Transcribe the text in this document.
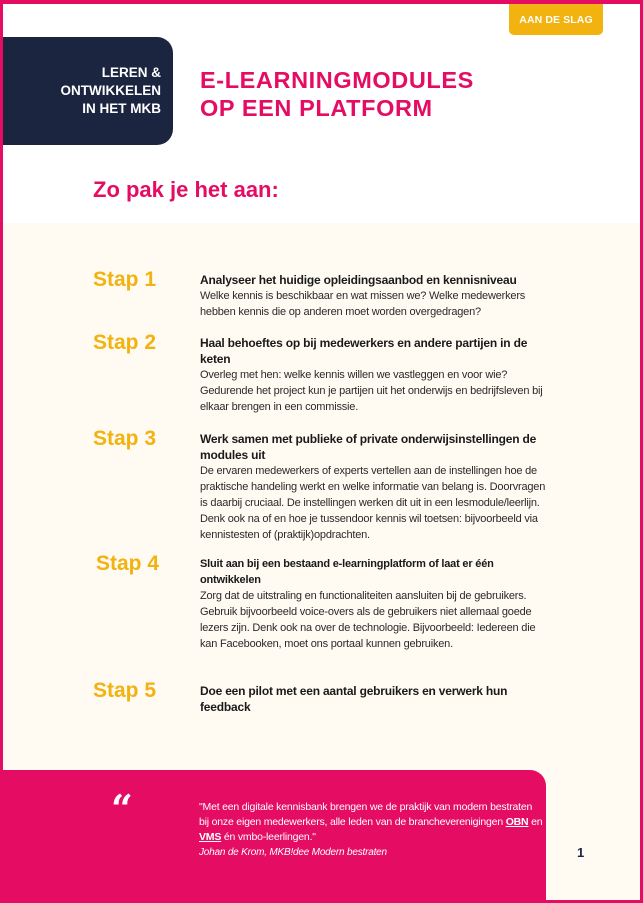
AAN DE SLAG
LEREN &
ONTWIKKELEN
IN HET MKB
E-LEARNINGMODULES
OP EEN PLATFORM
Zo pak je het aan:
Stap 1	Analyseer het huidige opleidingsaanbod en kennisniveau
Welke kennis is beschikbaar en wat missen we? Welke medewerkers hebben kennis die op anderen moet worden overgedragen?
Stap 2	Haal behoeftes op bij medewerkers en andere partijen in de keten
Overleg met hen: welke kennis willen we vastleggen en voor wie? Gedurende het project kun je partijen uit het onderwijs en bedrijfsleven bij elkaar brengen in een commissie.
Stap 3	Werk samen met publieke of private onderwijsinstellingen de modules uit
De ervaren medewerkers of experts vertellen aan de instellingen hoe de praktische handeling werkt en welke informatie van belang is. Doorvragen is daarbij cruciaal. De instellingen werken dit uit in een lesmodule/leerlijn. Denk ook na of en hoe je tussendoor kennis wil toetsen: bijvoorbeeld via kennistesten of (praktijk)opdrachten.
Stap 4	Sluit aan bij een bestaand e-learningplatform of laat er één ontwikkelen
Zorg dat de uitstraling en functionaliteiten aansluiten bij de gebruikers. Gebruik bijvoorbeeld voice-overs als de gebruikers niet allemaal goede lezers zijn. Denk ook na over de technologie. Bijvoorbeeld: Iedereen die kan Facebooken, moet ons portaal kunnen gebruiken.
Stap 5	Doe een pilot met een aantal gebruikers en verwerk hun feedback
“	"Met een digitale kennisbank brengen we de praktijk van modern bestraten bij onze eigen medewerkers, alle leden van de brancheverenigingen OBN en VMS én vmbo-leerlingen."
Johan de Krom, MKB!dee Modern bestraten	1
